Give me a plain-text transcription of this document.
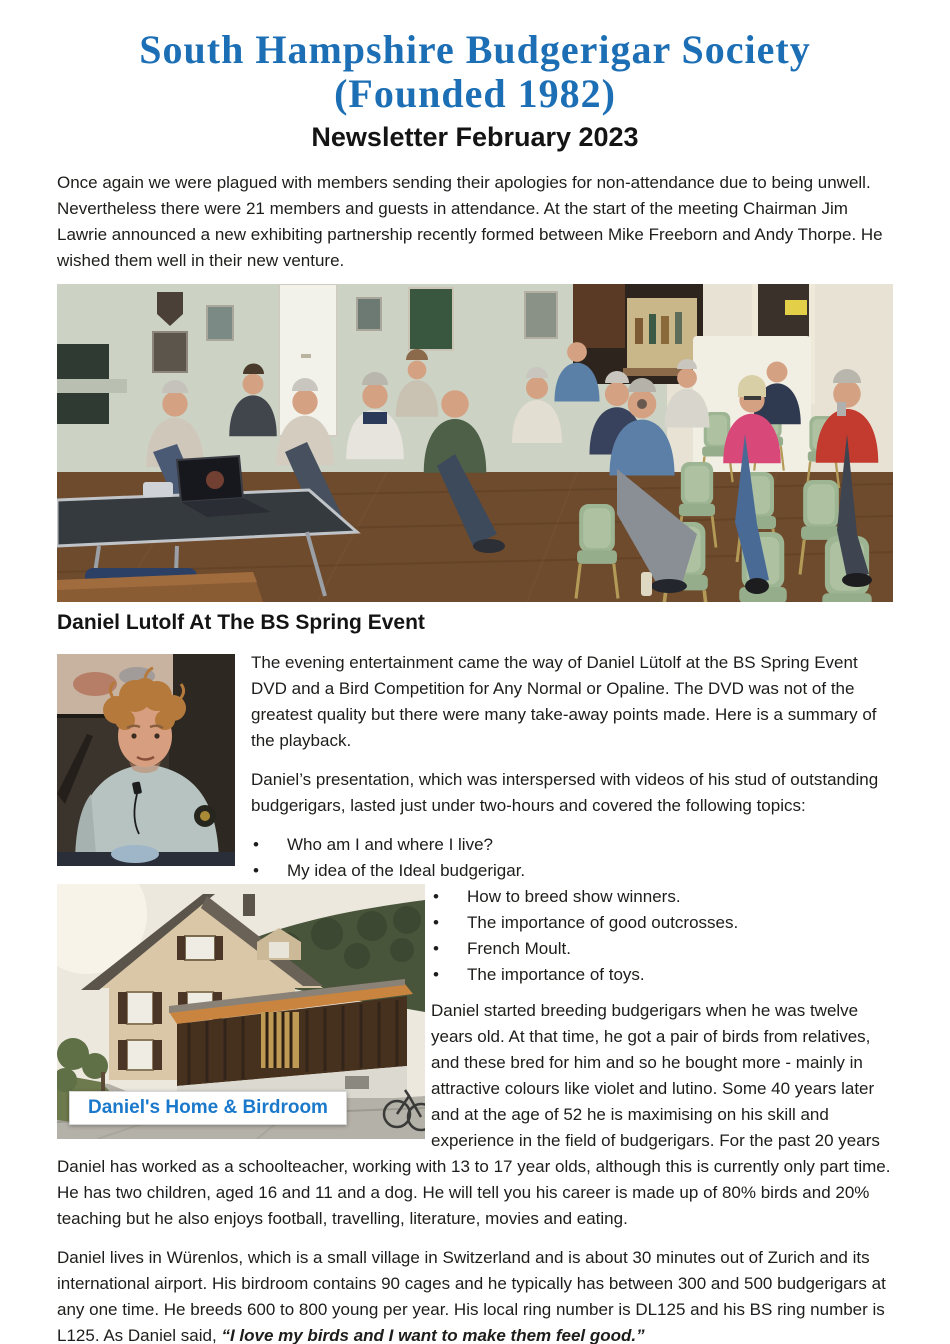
South Hampshire Budgerigar Society
(Founded 1982)
Newsletter February 2023

Once again we were plagued with members sending their apologies for non-attendance due to being unwell. Nevertheless there were 21 members and guests in attendance. At the start of the meeting Chairman Jim Lawrie announced a new exhibiting partnership recently formed between Mike Freeborn and Andy Thorpe. He wished them well in their new venture.

Daniel Lutolf At The BS Spring Event

The evening entertainment came the way of Daniel Lütolf at the BS Spring Event DVD and a Bird Competition for Any Normal or Opaline. The DVD was not of the greatest quality but there were many take-away points made. Here is a summary of the playback.

Daniel’s presentation, which was interspersed with videos of his stud of outstanding budgerigars, lasted just under two-hours and covered the following topics:

• Who am I and where I live?
• My idea of the Ideal budgerigar.
Daniel's Home & Birdroom
• How to breed show winners.
• The importance of good outcrosses.
• French Moult.
• The importance of toys.

Daniel started breeding budgerigars when he was twelve years old. At that time, he got a pair of birds from relatives, and these bred for him and so he bought more - mainly in attractive colours like violet and lutino. Some 40 years later and at the age of 52 he is maximising on his skill and experience in the field of budgerigars. For the past 20 years Daniel has worked as a schoolteacher, working with 13 to 17 year olds, although this is currently only part time. He has two children, aged 16 and 11 and a dog. He will tell you his career is made up of 80% birds and 20% teaching but he also enjoys football, travelling, literature, movies and eating.

Daniel lives in Würenlos, which is a small village in Switzerland and is about 30 minutes out of Zurich and its international airport. His birdroom contains 90 cages and he typically has between 300 and 500 budgerigars at any one time. He breeds 600 to 800 young per year. His local ring number is DL125 and his BS ring number is L125. As Daniel said, “I love my birds and I want to make them feel good.”
